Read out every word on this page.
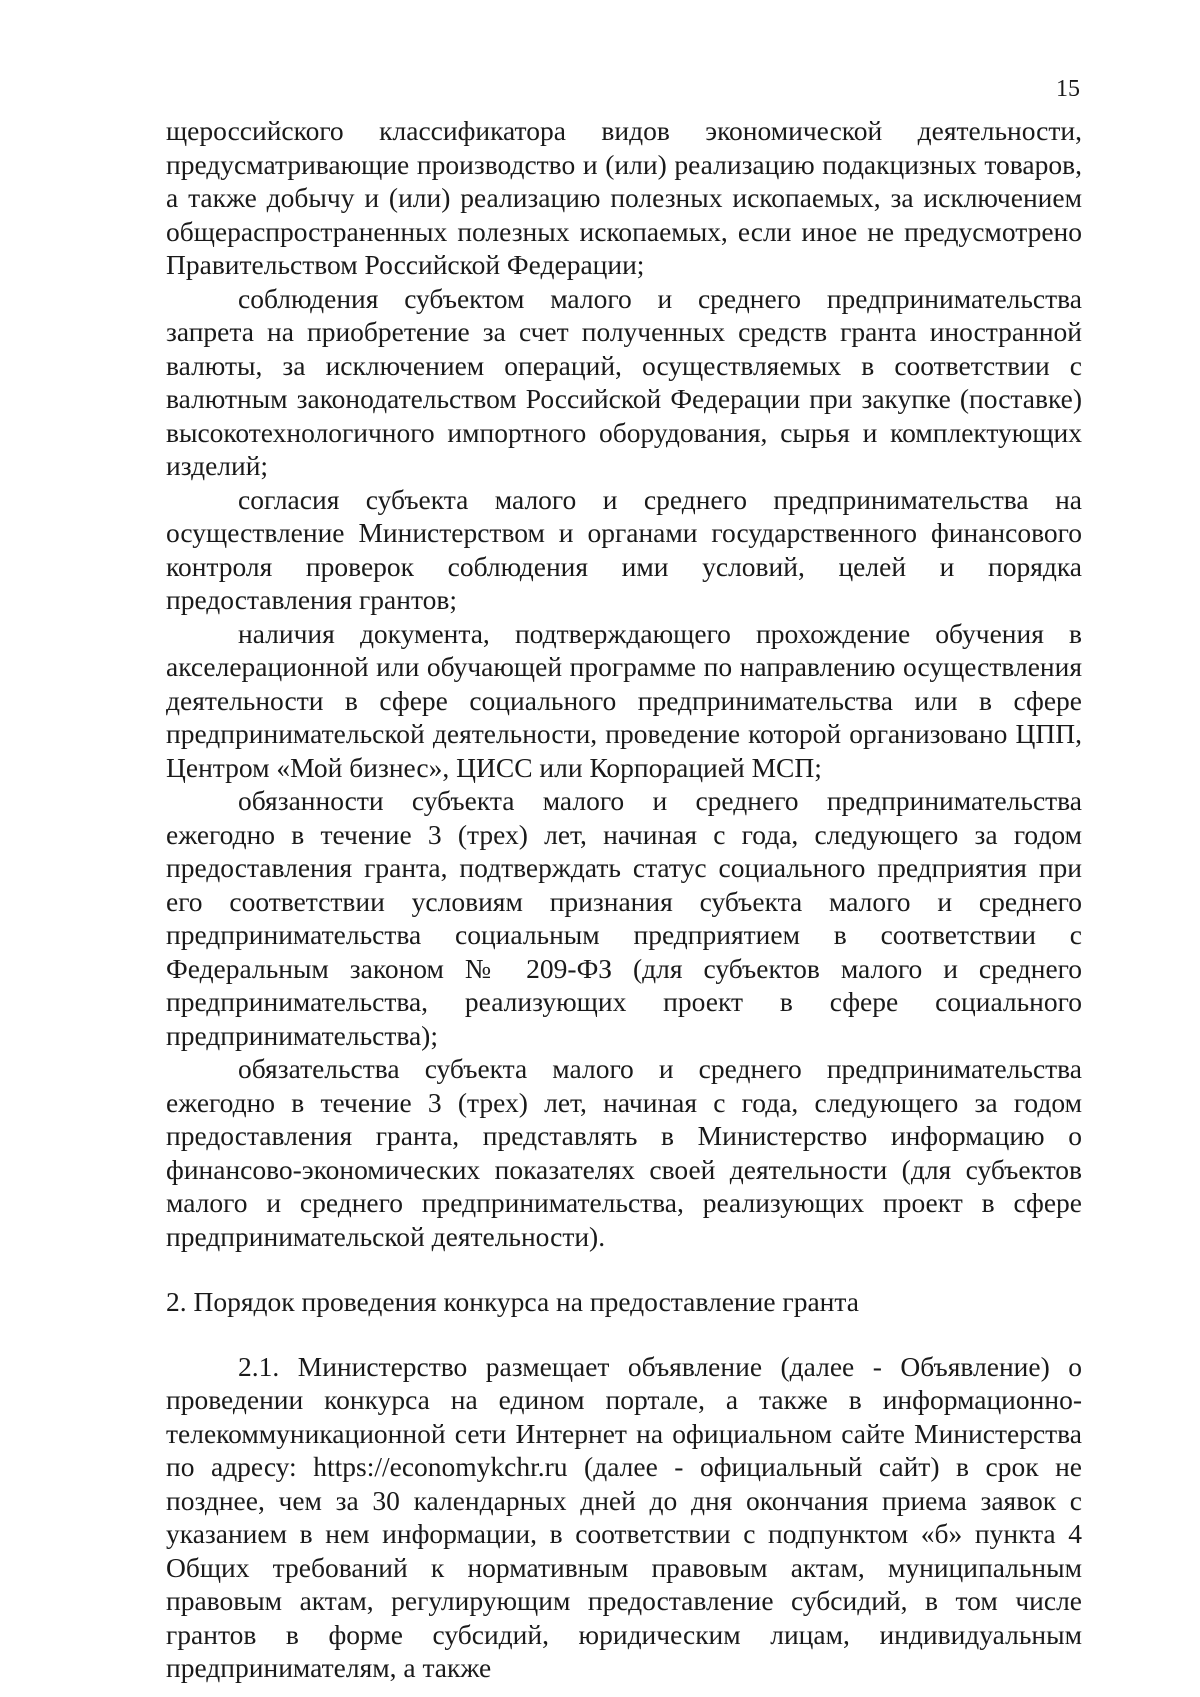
15

щероссийского классификатора видов экономической деятельности, предусматривающие производство и (или) реализацию подакцизных товаров, а также добычу и (или) реализацию полезных ископаемых, за исключением общераспространенных полезных ископаемых, если иное не предусмотрено Правительством Российской Федерации;

соблюдения субъектом малого и среднего предпринимательства запрета на приобретение за счет полученных средств гранта иностранной валюты, за исключением операций, осуществляемых в соответствии с валютным законодательством Российской Федерации при закупке (поставке) высокотехнологичного импортного оборудования, сырья и комплектующих изделий;

согласия субъекта малого и среднего предпринимательства на осуществление Министерством и органами государственного финансового контроля проверок соблюдения ими условий, целей и порядка предоставления грантов;

наличия документа, подтверждающего прохождение обучения в акселерационной или обучающей программе по направлению осуществления деятельности в сфере социального предпринимательства или в сфере предпринимательской деятельности, проведение которой организовано ЦПП, Центром «Мой бизнес», ЦИСС или Корпорацией МСП;

обязанности субъекта малого и среднего предпринимательства ежегодно в течение 3 (трех) лет, начиная с года, следующего за годом предоставления гранта, подтверждать статус социального предприятия при его соответствии условиям признания субъекта малого и среднего предпринимательства социальным предприятием в соответствии с Федеральным законом № 209-ФЗ (для субъектов малого и среднего предпринимательства, реализующих проект в сфере социального предпринимательства);

обязательства субъекта малого и среднего предпринимательства ежегодно в течение 3 (трех) лет, начиная с года, следующего за годом предоставления гранта, представлять в Министерство информацию о финансово-экономических показателях своей деятельности (для субъектов малого и среднего предпринимательства, реализующих проект в сфере предпринимательской деятельности).

2. Порядок проведения конкурса на предоставление гранта

2.1. Министерство размещает объявление (далее - Объявление) о проведении конкурса на едином портале, а также в информационно-телекоммуникационной сети Интернет на официальном сайте Министерства по адресу: https://economykchr.ru (далее - официальный сайт) в срок не позднее, чем за 30 календарных дней до дня окончания приема заявок с указанием в нем информации, в соответствии с подпунктом «б» пункта 4 Общих требований к нормативным правовым актам, муниципальным правовым актам, регулирующим предоставление субсидий, в том числе грантов в форме субсидий, юридическим лицам, индивидуальным предпринимателям, а также
